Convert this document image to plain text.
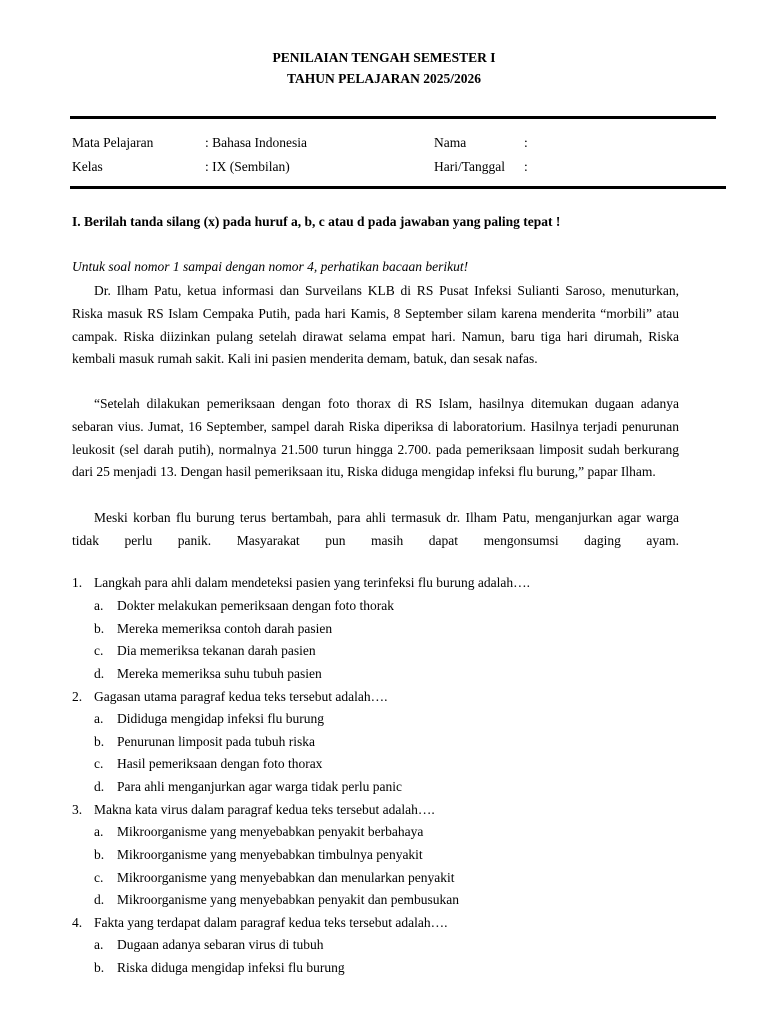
PENILAIAN TENGAH SEMESTER I
TAHUN PELAJARAN 2025/2026
Mata Pelajaran	: Bahasa Indonesia	Nama	:
Kelas	: IX (Sembilan)	Hari/Tanggal :
I. Berilah tanda silang (x) pada huruf a, b, c atau d pada jawaban yang paling tepat !
Untuk soal nomor 1 sampai dengan nomor 4, perhatikan bacaan berikut!
Dr. Ilham Patu, ketua informasi dan Surveilans KLB di RS Pusat Infeksi Sulianti Saroso, menuturkan, Riska masuk RS Islam Cempaka Putih, pada hari Kamis, 8 September silam karena menderita “morbili” atau campak. Riska diizinkan pulang setelah dirawat selama empat hari. Namun, baru tiga hari dirumah, Riska kembali masuk rumah sakit. Kali ini pasien menderita demam, batuk, dan sesak nafas.
“Setelah dilakukan pemeriksaan dengan foto thorax di RS Islam, hasilnya ditemukan dugaan adanya sebaran vius. Jumat, 16 September, sampel darah Riska diperiksa di laboratorium. Hasilnya terjadi penurunan leukosit (sel darah putih), normalnya 21.500 turun hingga 2.700. pada pemeriksaan limposit sudah berkurang dari 25 menjadi 13. Dengan hasil pemeriksaan itu, Riska diduga mengidap infeksi flu burung,” papar Ilham.
Meski korban flu burung terus bertambah, para ahli termasuk dr. Ilham Patu, menganjurkan agar warga tidak perlu panik. Masyarakat pun masih dapat mengonsumsi daging ayam.
1. Langkah para ahli dalam mendeteksi pasien yang terinfeksi flu burung adalah….
a. Dokter melakukan pemeriksaan dengan foto thorak
b. Mereka memeriksa contoh darah pasien
c. Dia memeriksa tekanan darah pasien
d. Mereka memeriksa suhu tubuh pasien
2. Gagasan utama paragraf kedua teks tersebut adalah….
a. Dididuga mengidap infeksi flu burung
b. Penurunan limposit pada tubuh riska
c. Hasil pemeriksaan dengan foto thorax
d. Para ahli menganjurkan agar warga tidak perlu panic
3. Makna kata virus dalam paragraf kedua teks tersebut adalah….
a. Mikroorganisme yang menyebabkan penyakit berbahaya
b. Mikroorganisme yang menyebabkan timbulnya penyakit
c. Mikroorganisme yang menyebabkan dan menularkan penyakit
d. Mikroorganisme yang menyebabkan penyakit dan pembusukan
4. Fakta yang terdapat dalam paragraf kedua teks tersebut adalah….
a. Dugaan adanya sebaran virus di tubuh
b. Riska diduga mengidap infeksi flu burung
